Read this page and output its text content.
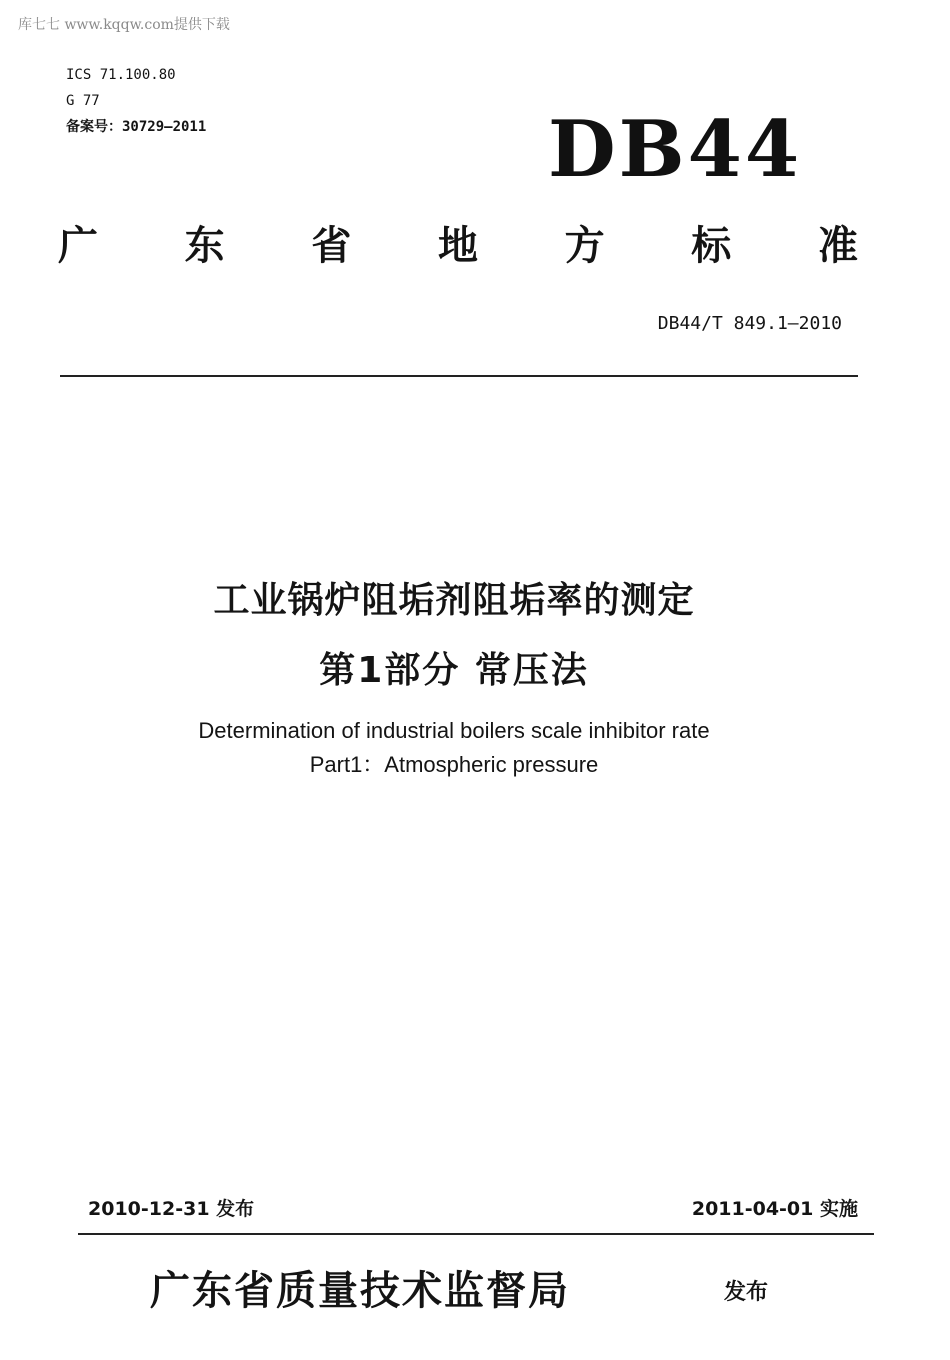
库七七 www.kqqw.com提供下载
ICS 71.100.80
G 77
备案号：30729—2011	DB44
广 东 省 地 方 标 准
DB44/T 849.1—2010
工业锅炉阻垢剂阻垢率的测定
第1部分 常压法
Determination of industrial boilers scale inhibitor rate
Part1：Atmospheric pressure
2010-12-31 发布	2011-04-01 实施
广东省质量技术监督局	发布
